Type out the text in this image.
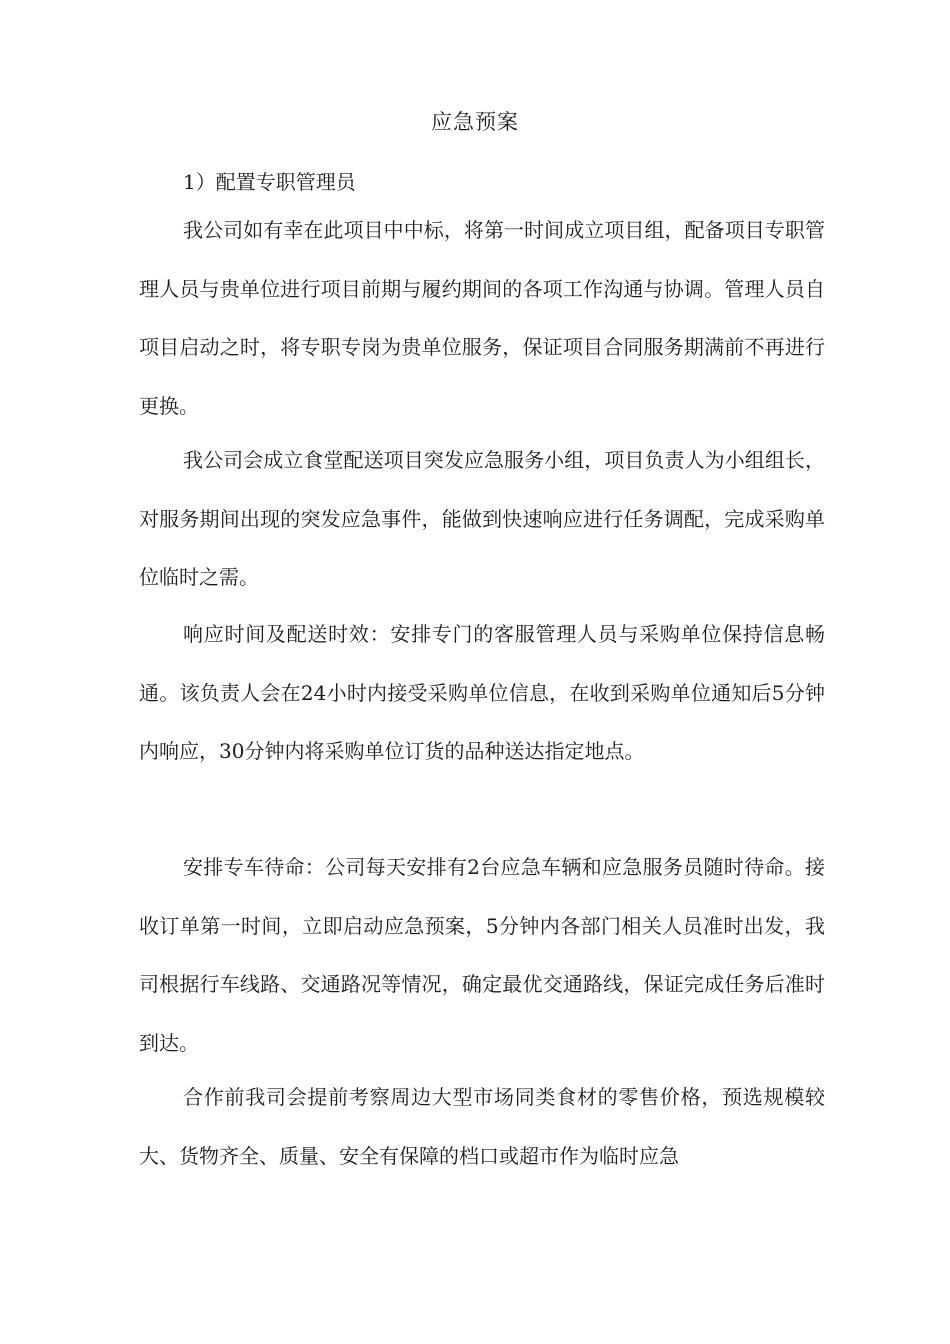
应急预案
1）配置专职管理员

我公司如有幸在此项目中中标，将第一时间成立项目组，配备项目专职管理人员与贵单位进行项目前期与履约期间的各项工作沟通与协调。管理人员自项目启动之时，将专职专岗为贵单位服务，保证项目合同服务期满前不再进行更换。

我公司会成立食堂配送项目突发应急服务小组，项目负责人为小组组长，对服务期间出现的突发应急事件，能做到快速响应进行任务调配，完成采购单位临时之需。

响应时间及配送时效：安排专门的客服管理人员与采购单位保持信息畅通。该负责人会在24小时内接受采购单位信息，在收到采购单位通知后5分钟内响应，30分钟内将采购单位订货的品种送达指定地点。

安排专车待命：公司每天安排有2台应急车辆和应急服务员随时待命。接收订单第一时间，立即启动应急预案，5分钟内各部门相关人员准时出发，我司根据行车线路、交通路况等情况，确定最优交通路线，保证完成任务后准时到达。

合作前我司会提前考察周边大型市场同类食材的零售价格，预选规模较大、货物齐全、质量、安全有保障的档口或超市作为临时应急
